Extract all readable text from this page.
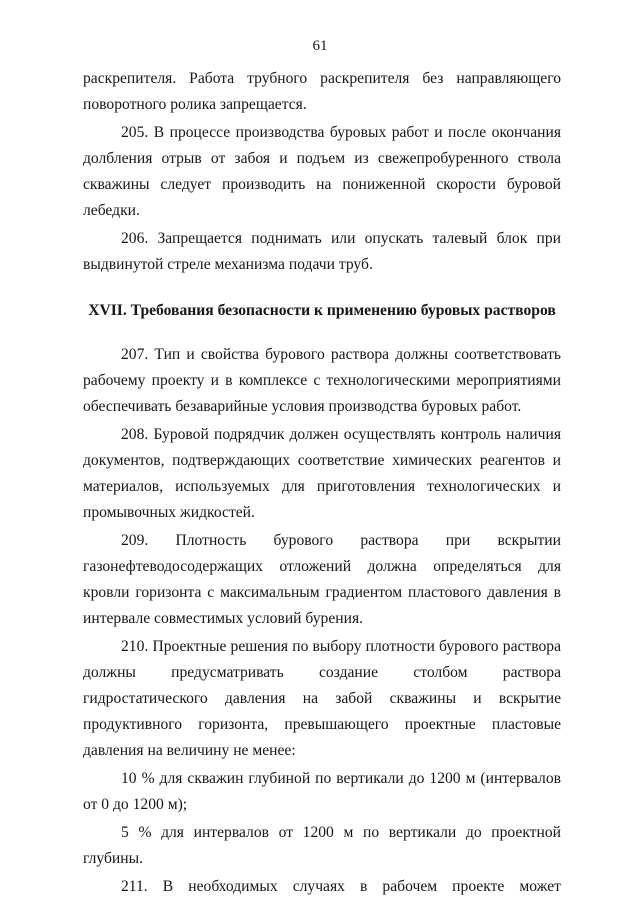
61

раскрепителя. Работа трубного раскрепителя без направляющего поворотного ролика запрещается.

205. В процессе производства буровых работ и после окончания долбления отрыв от забоя и подъем из свежепробуренного ствола скважины следует производить на пониженной скорости буровой лебедки.

206. Запрещается поднимать или опускать талевый блок при выдвинутой стреле механизма подачи труб.

XVII. Требования безопасности к применению буровых растворов

207. Тип и свойства бурового раствора должны соответствовать рабочему проекту и в комплексе с технологическими мероприятиями обеспечивать безаварийные условия производства буровых работ.

208. Буровой подрядчик должен осуществлять контроль наличия документов, подтверждающих соответствие химических реагентов и материалов, используемых для приготовления технологических и промывочных жидкостей.

209. Плотность бурового раствора при вскрытии газонефтеводосодержащих отложений должна определяться для кровли горизонта с максимальным градиентом пластового давления в интервале совместимых условий бурения.

210. Проектные решения по выбору плотности бурового раствора должны предусматривать создание столбом раствора гидростатического давления на забой скважины и вскрытие продуктивного горизонта, превышающего проектные пластовые давления на величину не менее:

10 % для скважин глубиной по вертикали до 1200 м (интервалов от 0 до 1200 м);

5 % для интервалов от 1200 м по вертикали до проектной глубины.

211. В необходимых случаях в рабочем проекте может
